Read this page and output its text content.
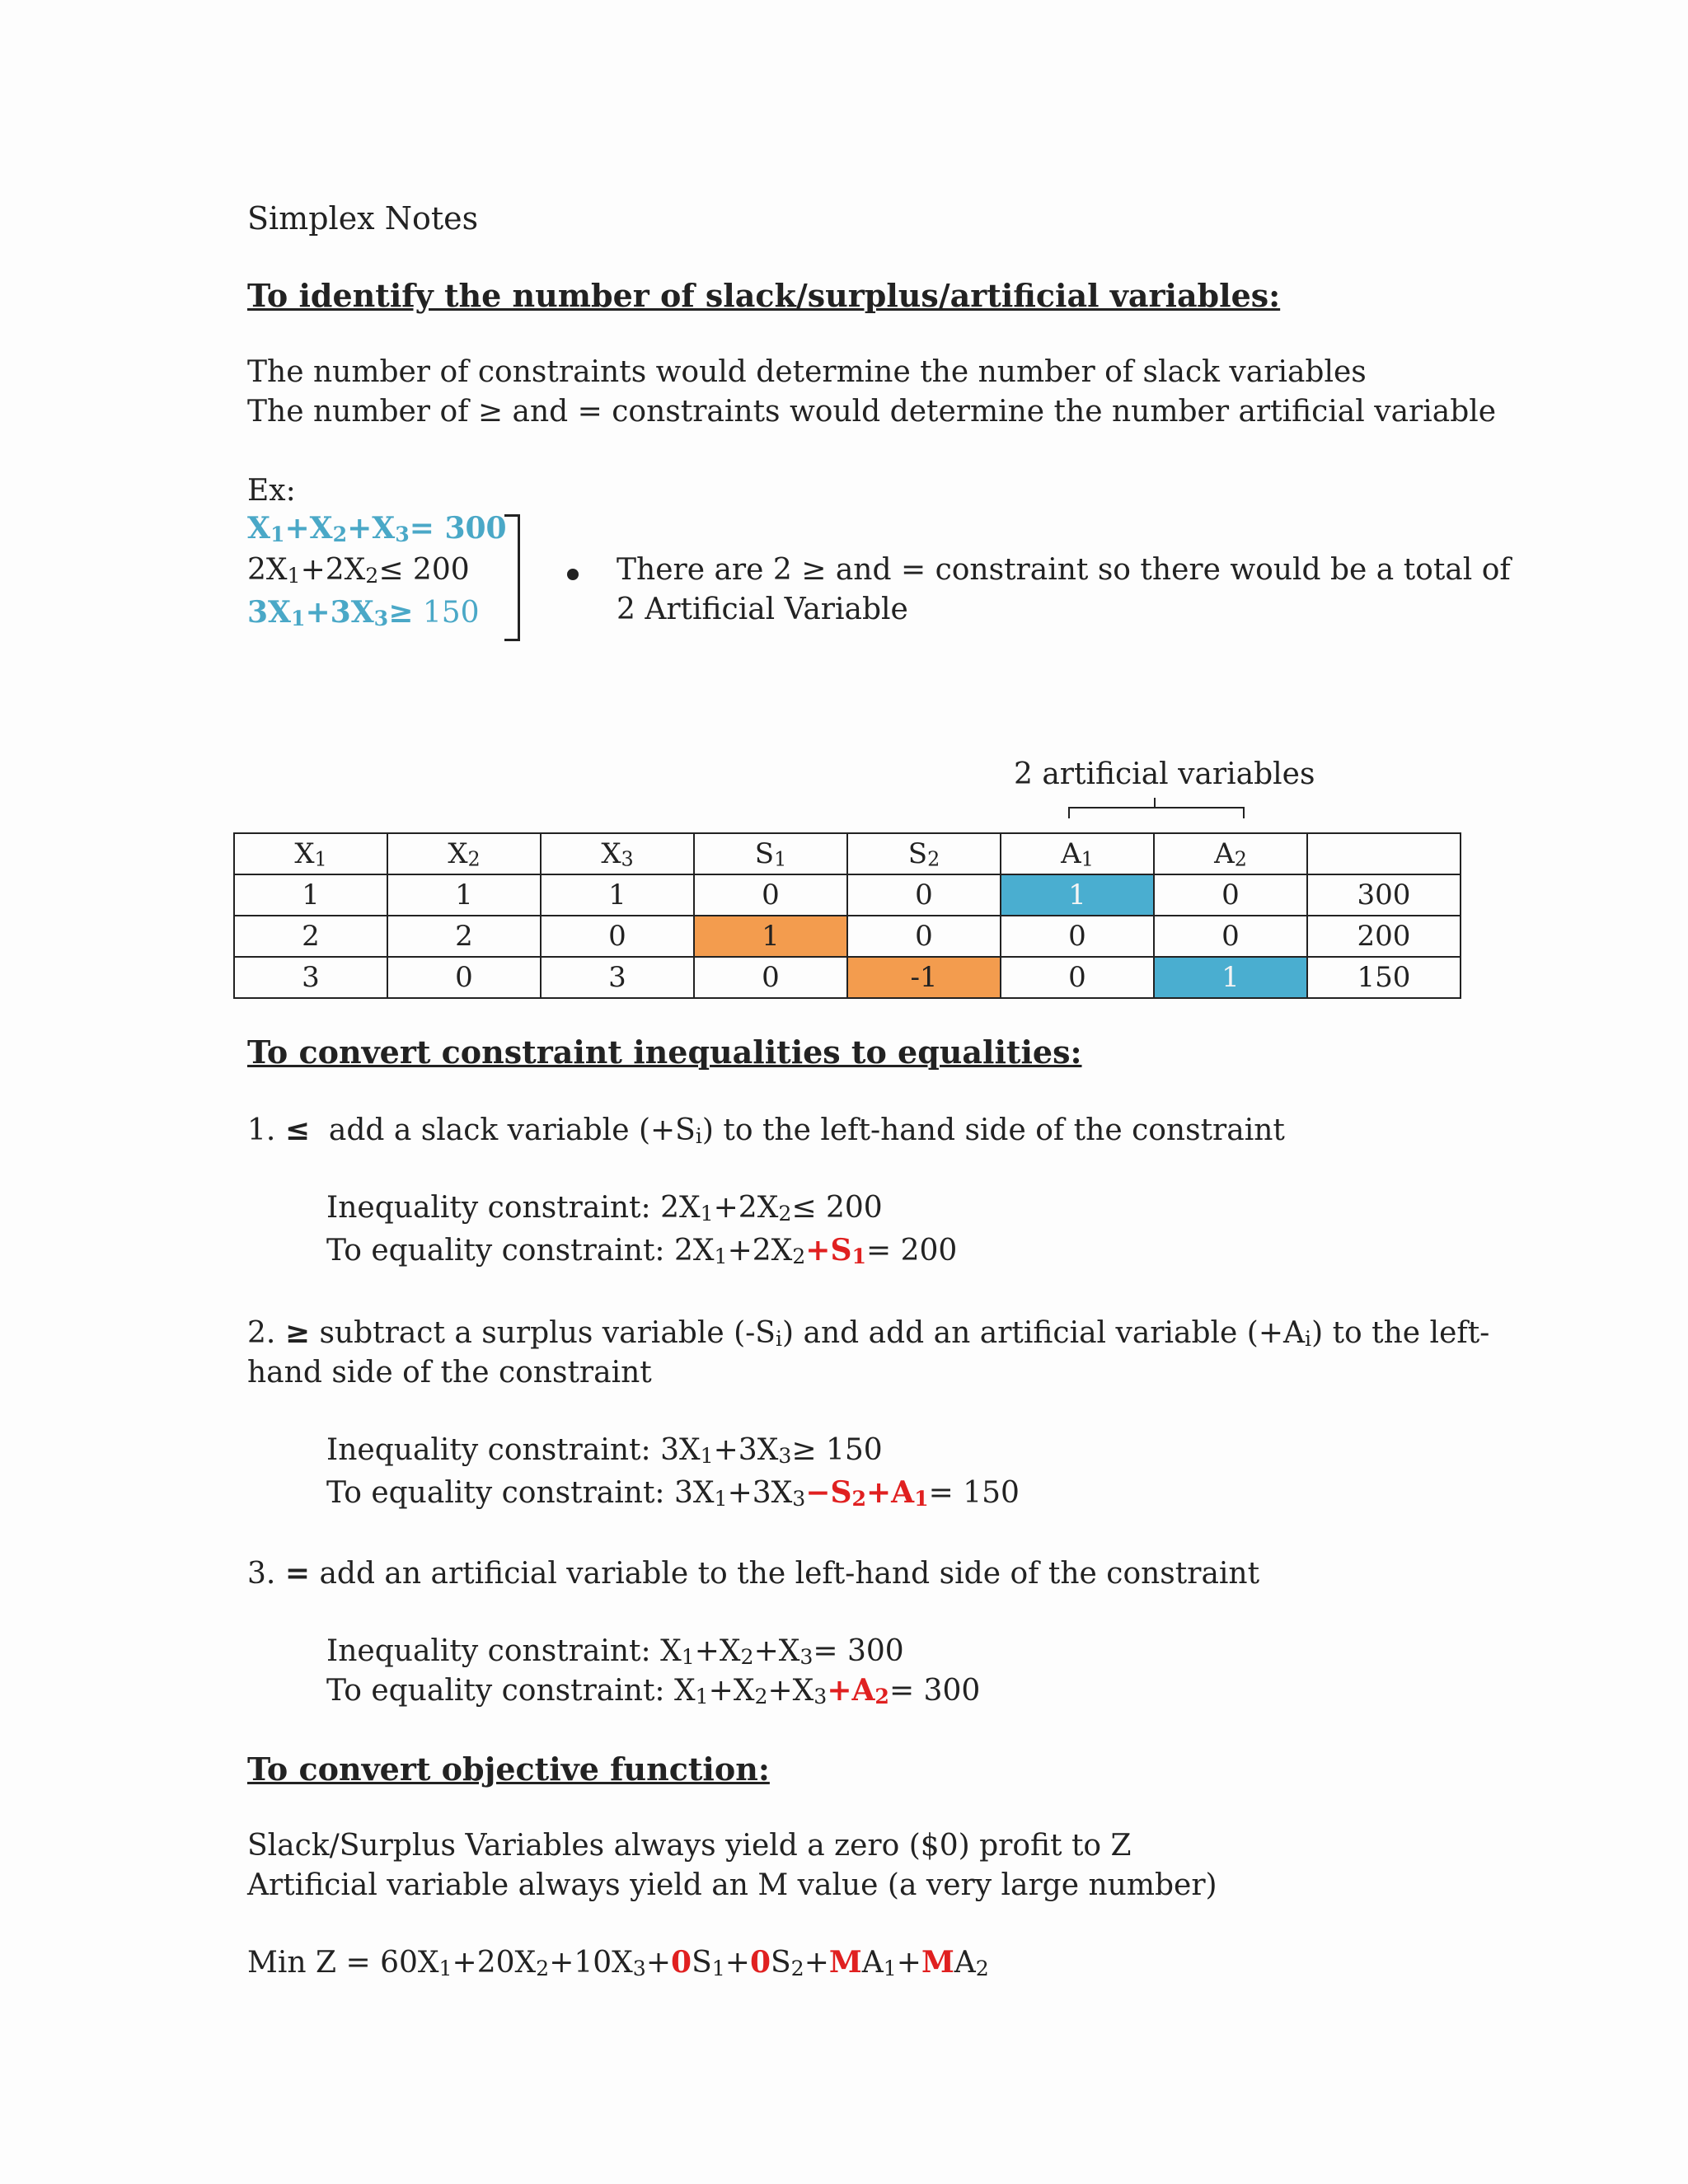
Simplex Notes
To identify the number of slack/surplus/artificial variables:
The number of constraints would determine the number of slack variables
The number of ≥ and = constraints would determine the number artificial variable
Ex:
$X_1+X_2+X_3= 300$
$2X_1+2X_2\le 200$
$3X_1+3X_3\ge 150$
There are 2 ≥ and = constraint so there would be a total of
2 Artificial Variable
2 artificial variables
$X_1$	$X_2$	$X_3$	$S_1$	$S_2$	$A_1$	$A_2$	
1	1	1	0	0	1	0	300
2	2	0	1	0	0	0	200
3	0	3	0	-1	0	1	150
To convert constraint inequalities to equalities:
1. ≤ add a slack variable $(+S_i)$ to the left-hand side of the constraint
Inequality constraint: $2X_1+2X_2\le 200$
To equality constraint: $2X_1+2X_2+S_1= 200$
2. ≥ subtract a surplus variable $(-S_i)$ and add an artificial variable $(+A_i)$ to the left-
hand side of the constraint
Inequality constraint: $3X_1+3X_3\ge 150$
To equality constraint: $3X_1+3X_3-S_2+A_1= 150$
3. = add an artificial variable to the left-hand side of the constraint
Inequality constraint: $X_1+X_2+X_3= 300$
To equality constraint: $X_1+X_2+X_3+A_2= 300$
To convert objective function:
Slack/Surplus Variables always yield a zero ($0) profit to Z
Artificial variable always yield an M value (a very large number)
Min $Z = 60X_1+20X_2+10X_3+0S_1+0S_2+MA_1+MA_2$
